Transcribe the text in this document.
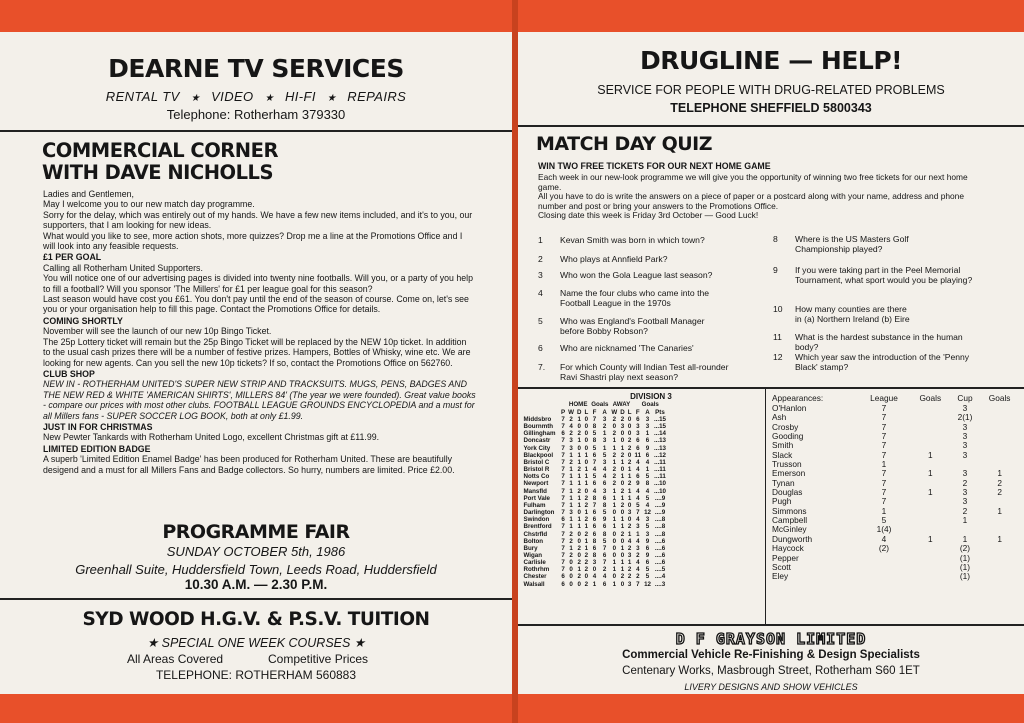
DEARNE TV SERVICES
RENTAL TV ★ VIDEO ★ HI-FI ★ REPAIRS
Telephone: Rotherham 379330
COMMERCIAL CORNER
WITH DAVE NICHOLLS

Ladies and Gentlemen,

May I welcome you to our new match day programme.

Sorry for the delay, which was entirely out of my hands. We have a few new items included, and it's to you, our supporters, that I am looking for new ideas.

What would you like to see, more action shots, more quizzes? Drop me a line at the Promotions Office and I will look into any feasible requests.

£1 PER GOAL

Calling all Rotherham United Supporters.

You will notice one of our advertising pages is divided into twenty nine footballs. Will you, or a party of you help to fill a football? Will you sponsor 'The Millers' for £1 per league goal for this season?

Last season would have cost you £61. You don't pay until the end of the season of course. Come on, let's see you or your organisation help to fill this page. Contact the Promotions Office for details.

COMING SHORTLY

November will see the launch of our new 10p Bingo Ticket.

The 25p Lottery ticket will remain but the 25p Bingo Ticket will be replaced by the NEW 10p ticket. In addition to the usual cash prizes there will be a number of festive prizes. Hampers, Bottles of Whisky, wine etc. We are looking for new agents. Can you sell the new 10p tickets? If so, contact the Promotions Office on 562760.

CLUB SHOP

NEW IN - ROTHERHAM UNITED'S SUPER NEW STRIP AND TRACKSUITS. MUGS, PENS, BADGES AND THE NEW RED & WHITE 'AMERICAN SHIRTS', MILLERS 84' (The year we were founded). Great value books - compare our prices with most other clubs. FOOTBALL LEAGUE GROUNDS ENCYCLOPEDIA and a must for all Millers fans - SUPER SOCCER LOG BOOK, both at only £1.99.

JUST IN FOR CHRISTMAS

New Pewter Tankards with Rotherham United Logo, excellent Christmas gift at £11.99.

LIMITED EDITION BADGE

A superb 'Limited Edition Enamel Badge' has been produced for Rotherham United. These are beautifully desigend and a must for all Millers Fans and Badge collectors. So hurry, numbers are limited. Price £2.00.

PROGRAMME FAIR
SUNDAY OCTOBER 5th, 1986
Greenhall Suite, Huddersfield Town, Leeds Road, Huddersfield
10.30 A.M. — 2.30 P.M.
SYD WOOD H.G.V. & P.S.V. TUITION
★ SPECIAL ONE WEEK COURSES ★
All Areas Covered	Competitive Prices
TELEPHONE: ROTHERHAM 560883
DRUGLINE — HELP!
SERVICE FOR PEOPLE WITH DRUG-RELATED PROBLEMS
TELEPHONE SHEFFIELD 5800343
MATCH DAY QUIZ
WIN TWO FREE TICKETS FOR OUR NEXT HOME GAME

Each week in our new-look programme we will give you the opportunity of winning two free tickets for our next home game.

All you have to do is write the answers on a piece of paper or a postcard along with your name, address and phone number and post or bring your answers to the Promotions Office.

Closing date this week is Friday 3rd October — Good Luck!

1 Kevan Smith was born in which town?
2 Who plays at Annfield Park?
3 Who won the Gola League last season?
4 Name the four clubs who came into the Football League in the 1970s
5 Who was England's Football Manager before Bobby Robson?
6 Who are nicknamed 'The Canaries'
7. For which County will Indian Test all-rounder Ravi Shastri play next season?
8 Where is the US Masters Golf Championship played?
9 If you were taking part in the Peel Memorial Tournament, what sport would you be playing?
10 How many counties are there in (a) Northern Ireland (b) Eire
11 What is the hardest substance in the human body?
12 Which year saw the introduction of the 'Penny Black' stamp?
DIVISION 3
		HOME			Goals		AWAY			Goals		
	P	W	D	L	F	A	W	D	L	F	A	Pts
Middsbro	7	2	1	0	7	3	2	2	0	6	3	...15
Bournmth	7	4	0	0	8	2	0	3	0	3	3	...15
Gillingham	6	2	2	0	5	1	2	0	0	3	1	...14
Doncastr	7	3	1	0	8	3	1	0	2	6	6	...13
York City	7	3	0	0	5	1	1	1	2	6	9	...13
Blackpool	7	1	1	1	6	5	2	2	0	11	6	...12
Bristol C	7	2	1	0	7	3	1	1	2	4	4	...11
Bristol R	7	1	2	1	4	4	2	0	1	4	1	...11
Notts Co	7	1	1	1	5	4	2	1	1	6	5	...11
Newport	7	1	1	1	6	6	2	0	2	9	8	...10
Mansfld	7	1	2	0	4	3	1	2	1	4	4	...10
Port Vale	7	1	1	2	8	6	1	1	1	4	5	....9
Fulham	7	1	1	2	7	8	1	2	0	5	4	....9
Darlington	7	3	0	1	6	5	0	0	3	7	12	....9
Swindon	6	1	1	2	6	9	1	1	0	4	3	....8
Brentford	7	1	1	1	6	6	1	1	2	3	5	....8
Chstrfld	7	2	0	2	6	8	0	2	1	1	3	....8
Bolton	7	2	0	1	8	5	0	0	4	4	9	....6
Bury	7	1	2	1	6	7	0	1	2	3	6	....6
Wigan	7	2	0	2	8	6	0	0	3	2	9	....6
Carlisle	7	0	2	2	3	7	1	1	1	4	6	....6
Rothrhm	7	0	1	2	0	2	1	1	2	4	5	....5
Chester	6	0	2	0	4	4	0	2	2	2	5	....4
Walsall	6	0	0	2	1	6	1	0	3	7	12	....3
Appearances:	League	Goals	Cup	Goals
O'Hanlon	7		3	
Ash	7		2(1)	
Crosby	7		3	
Gooding	7		3	
Smith	7		3	
Slack	7	1	3	
Trusson	1			
Emerson	7	1	3	1
Tynan	7		2	2
Douglas	7	1	3	2
Pugh	7		3	
Simmons	1		2	1
Campbell	5		1	
McGinley	1(4)			
Dungworth	4	1	1	1
Haycock	(2)		(2)	
Pepper			(1)	
Scott			(1)	
Eley			(1)	
D F GRAYSON LIMITED
Commercial Vehicle Re-Finishing & Design Specialists
Centenary Works, Masbrough Street, Rotherham S60 1ET
LIVERY DESIGNS AND SHOW VEHICLES
